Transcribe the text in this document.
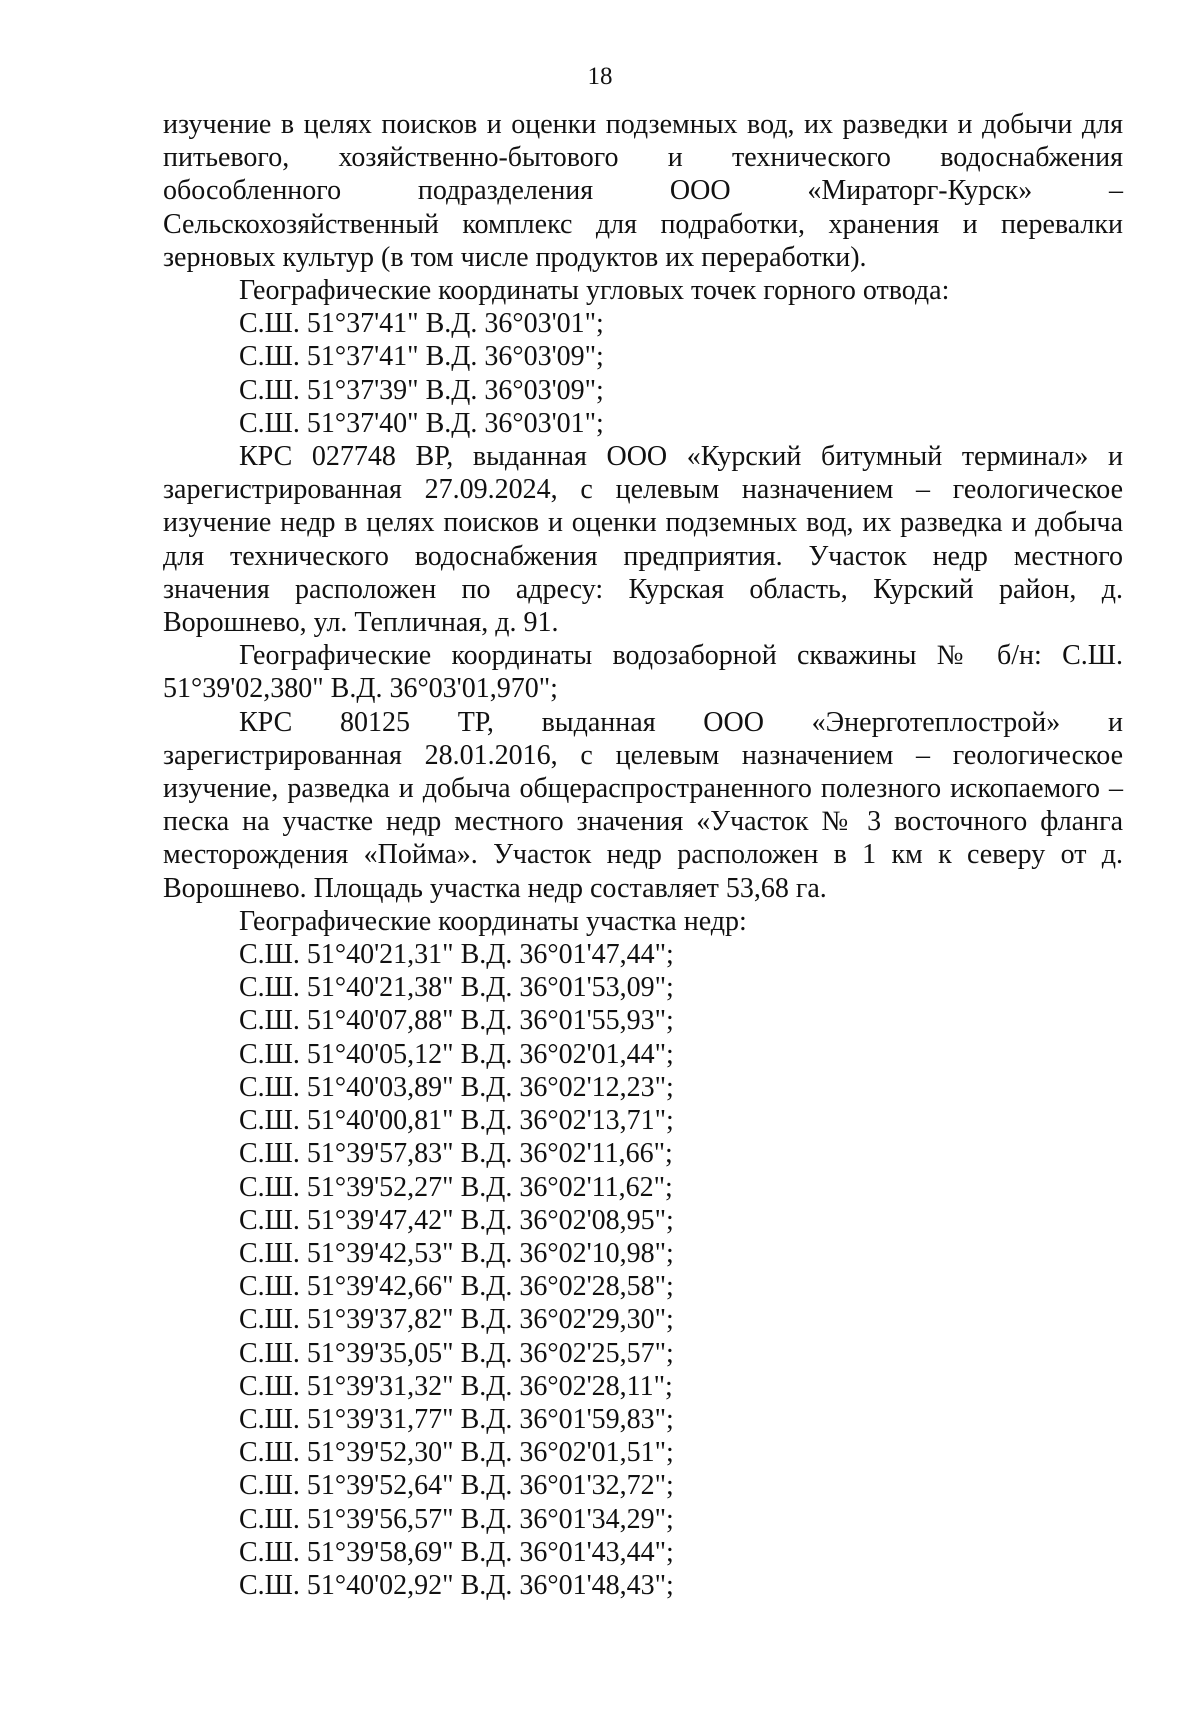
18

изучение в целях поисков и оценки подземных вод, их разведки и добычи для питьевого, хозяйственно-бытового и технического водоснабжения обособленного подразделения ООО «Мираторг-Курск» – Сельскохозяйственный комплекс для подработки, хранения и перевалки зерновых культур (в том числе продуктов их переработки).

Географические координаты угловых точек горного отвода:

С.Ш. 51°37'41" В.Д. 36°03'01";
С.Ш. 51°37'41" В.Д. 36°03'09";
С.Ш. 51°37'39" В.Д. 36°03'09";
С.Ш. 51°37'40" В.Д. 36°03'01";

КРС 027748 ВР, выданная ООО «Курский битумный терминал» и зарегистрированная 27.09.2024, с целевым назначением – геологическое изучение недр в целях поисков и оценки подземных вод, их разведка и добыча для технического водоснабжения предприятия. Участок недр местного значения расположен по адресу: Курская область, Курский район, д. Ворошнево, ул. Тепличная, д. 91.

Географические координаты водозаборной скважины № б/н: С.Ш. 51°39'02,380" В.Д. 36°03'01,970";

КРС 80125 ТР, выданная ООО «Энерготеплострой» и зарегистрированная 28.01.2016, с целевым назначением – геологическое изучение, разведка и добыча общераспространенного полезного ископаемого – песка на участке недр местного значения «Участок № 3 восточного фланга месторождения «Пойма». Участок недр расположен в 1 км к северу от д. Ворошнево. Площадь участка недр составляет 53,68 га.

Географические координаты участка недр:

С.Ш. 51°40'21,31" В.Д. 36°01'47,44";
С.Ш. 51°40'21,38" В.Д. 36°01'53,09";
С.Ш. 51°40'07,88" В.Д. 36°01'55,93";
С.Ш. 51°40'05,12" В.Д. 36°02'01,44";
С.Ш. 51°40'03,89" В.Д. 36°02'12,23";
С.Ш. 51°40'00,81" В.Д. 36°02'13,71";
С.Ш. 51°39'57,83" В.Д. 36°02'11,66";
С.Ш. 51°39'52,27" В.Д. 36°02'11,62";
С.Ш. 51°39'47,42" В.Д. 36°02'08,95";
С.Ш. 51°39'42,53" В.Д. 36°02'10,98";
С.Ш. 51°39'42,66" В.Д. 36°02'28,58";
С.Ш. 51°39'37,82" В.Д. 36°02'29,30";
С.Ш. 51°39'35,05" В.Д. 36°02'25,57";
С.Ш. 51°39'31,32" В.Д. 36°02'28,11";
С.Ш. 51°39'31,77" В.Д. 36°01'59,83";
С.Ш. 51°39'52,30" В.Д. 36°02'01,51";
С.Ш. 51°39'52,64" В.Д. 36°01'32,72";
С.Ш. 51°39'56,57" В.Д. 36°01'34,29";
С.Ш. 51°39'58,69" В.Д. 36°01'43,44";
С.Ш. 51°40'02,92" В.Д. 36°01'48,43";
